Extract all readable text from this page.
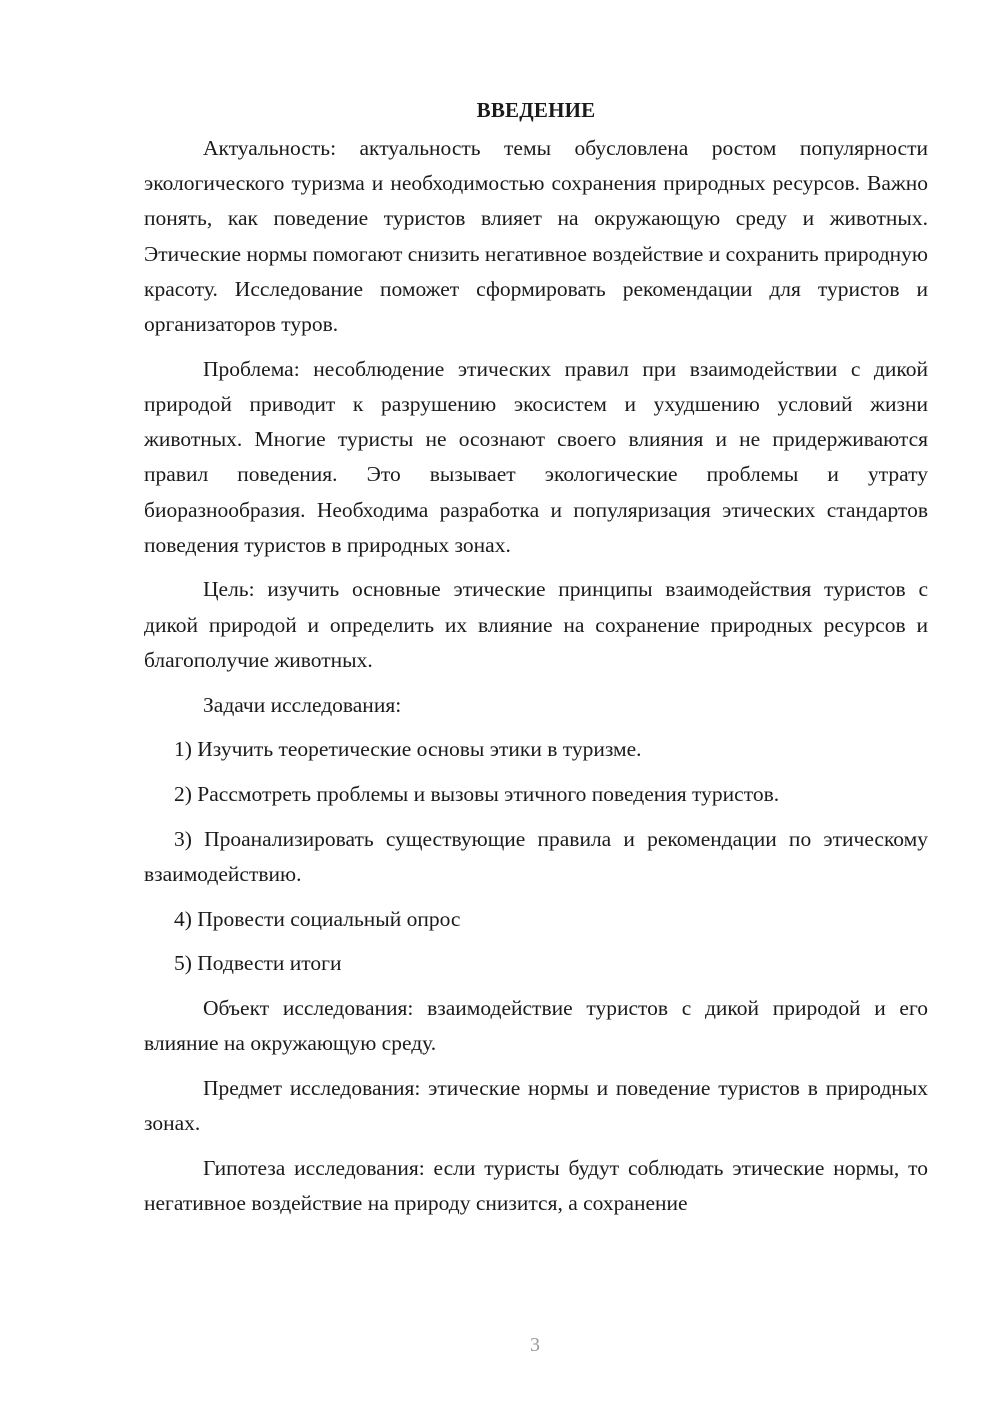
ВВЕДЕНИЕ

Актуальность: актуальность темы обусловлена ростом популярности экологического туризма и необходимостью сохранения природных ресурсов. Важно понять, как поведение туристов влияет на окружающую среду и животных. Этические нормы помогают снизить негативное воздействие и сохранить природную красоту. Исследование поможет сформировать рекомендации для туристов и организаторов туров.

Проблема: несоблюдение этических правил при взаимодействии с дикой природой приводит к разрушению экосистем и ухудшению условий жизни животных. Многие туристы не осознают своего влияния и не придерживаются правил поведения. Это вызывает экологические проблемы и утрату биоразнообразия. Необходима разработка и популяризация этических стандартов поведения туристов в природных зонах.

Цель: изучить основные этические принципы взаимодействия туристов с дикой природой и определить их влияние на сохранение природных ресурсов и благополучие животных.

Задачи исследования:

1) Изучить теоретические основы этики в туризме.

2) Рассмотреть проблемы и вызовы этичного поведения туристов.

3) Проанализировать существующие правила и рекомендации по этическому взаимодействию.

4) Провести социальный опрос

5) Подвести итоги

Объект исследования: взаимодействие туристов с дикой природой и его влияние на окружающую среду.

Предмет исследования: этические нормы и поведение туристов в природных зонах.

Гипотеза исследования: если туристы будут соблюдать этические нормы, то негативное воздействие на природу снизится, а сохранение

3
